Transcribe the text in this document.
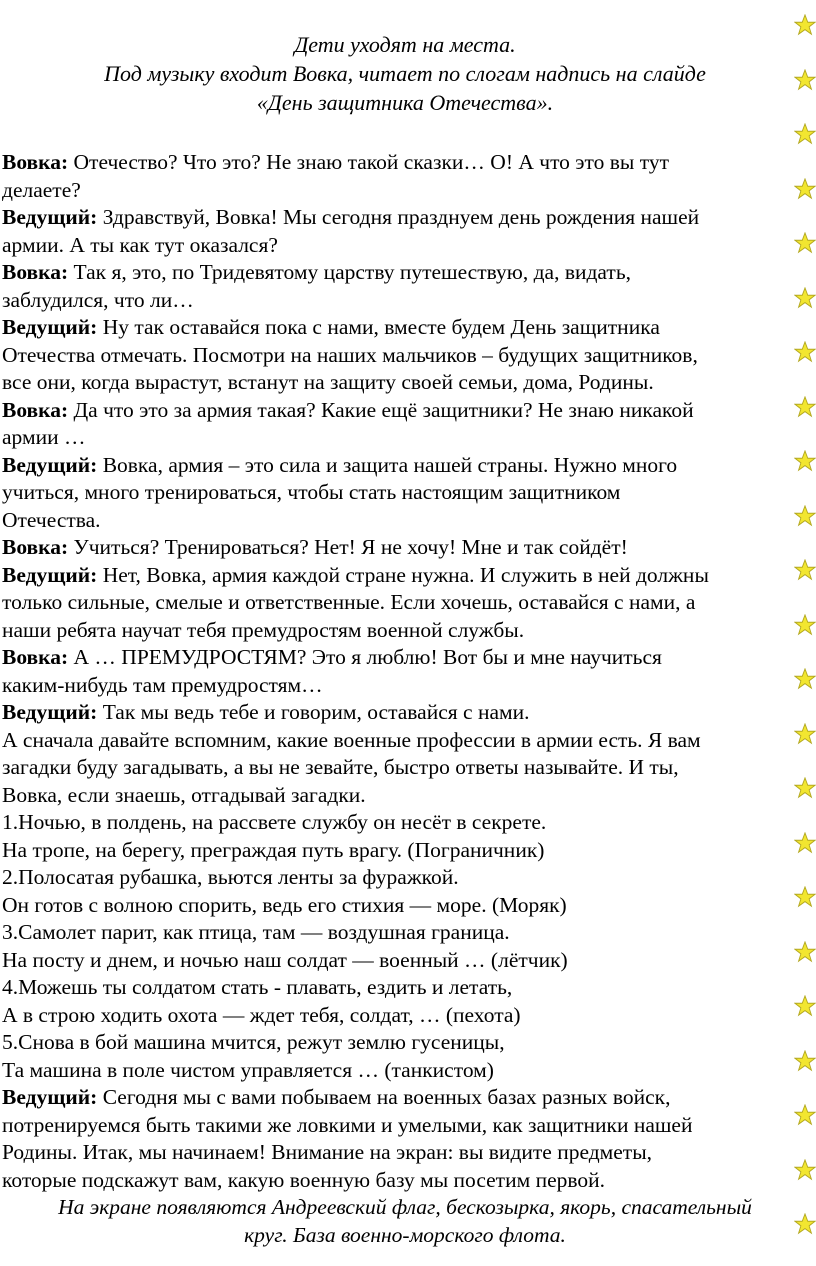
Дети уходят на места.
Под музыку входит Вовка, читает по слогам надпись на слайде
«День защитника Отечества».
Вовка: Отечество? Что это? Не знаю такой сказки… О! А что это вы тут
делаете?
Ведущий: Здравствуй, Вовка! Мы сегодня празднуем день рождения нашей
армии. А ты как тут оказался?
Вовка: Так я, это, по Тридевятому царству путешествую, да, видать,
заблудился, что ли…
Ведущий: Ну так оставайся пока с нами, вместе будем День защитника
Отечества отмечать. Посмотри на наших мальчиков – будущих защитников,
все они, когда вырастут, встанут на защиту своей семьи, дома, Родины.
Вовка: Да что это за армия такая? Какие ещё защитники? Не знаю никакой
армии …
Ведущий: Вовка, армия – это сила и защита нашей страны. Нужно много
учиться, много тренироваться, чтобы стать настоящим защитником
Отечества.
Вовка: Учиться? Тренироваться? Нет! Я не хочу! Мне и так сойдёт!
Ведущий: Нет, Вовка, армия каждой стране нужна. И служить в ней должны
только сильные, смелые и ответственные. Если хочешь, оставайся с нами, а
наши ребята научат тебя премудростям военной службы.
Вовка: А … ПРЕМУДРОСТЯМ? Это я люблю! Вот бы и мне научиться
каким-нибудь там премудростям…
Ведущий: Так мы ведь тебе и говорим, оставайся с нами.
А сначала давайте вспомним, какие военные профессии в армии есть. Я вам
загадки буду загадывать, а вы не зевайте, быстро ответы называйте. И ты,
Вовка, если знаешь, отгадывай загадки.
1.Ночью, в полдень, на рассвете службу он несёт в секрете.
На тропе, на берегу, преграждая путь врагу. (Пограничник)
2.Полосатая рубашка, вьются ленты за фуражкой.
Он готов с волною спорить, ведь его стихия — море. (Моряк)
3.Самолет парит, как птица, там — воздушная граница.
На посту и днем, и ночью наш солдат — военный … (лётчик)
4.Можешь ты солдатом стать - плавать, ездить и летать,
А в строю ходить охота — ждет тебя, солдат, … (пехота)
5.Снова в бой машина мчится, режут землю гусеницы,
Та машина в поле чистом управляется … (танкистом)
Ведущий: Сегодня мы с вами побываем на военных базах разных войск,
потренируемся быть такими же ловкими и умелыми, как защитники нашей
Родины. Итак, мы начинаем! Внимание на экран: вы видите предметы,
которые подскажут вам, какую военную базу мы посетим первой.
На экране появляются Андреевский флаг, бескозырка, якорь, спасательный
круг. База военно-морского флота.
